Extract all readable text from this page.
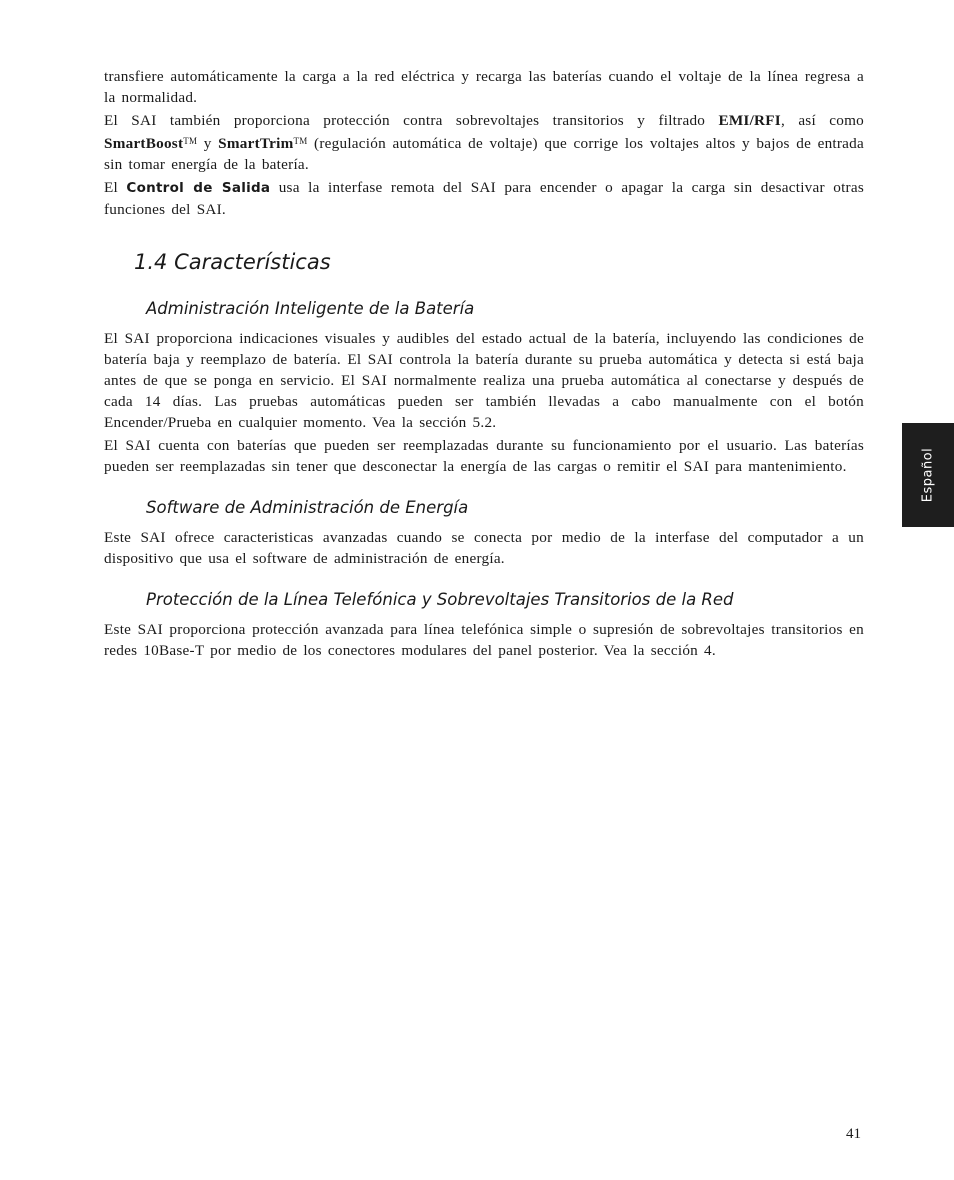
transfiere automáticamente la carga a la red eléctrica y recarga las baterías cuando el voltaje de la línea regresa a la normalidad.

El SAI también proporciona protección contra sobrevoltajes transitorios y filtrado EMI/RFI, así como SmartBoost™ y SmartTrim™ (regulación automática de voltaje) que corrige los voltajes altos y bajos de entrada sin tomar energía de la batería.

El Control de Salida usa la interfase remota del SAI para encender o apagar la carga sin desactivar otras funciones del SAI.

1.4 Características
Administración Inteligente de la Batería

El SAI proporciona indicaciones visuales y audibles del estado actual de la batería, incluyendo las condiciones de batería baja y reemplazo de batería. El SAI controla la batería durante su prueba automática y detecta si está baja antes de que se ponga en servicio. El SAI normalmente realiza una prueba automática al conectarse y después de cada 14 días. Las pruebas automáticas pueden ser también llevadas a cabo manualmente con el botón Encender/Prueba en cualquier momento. Vea la sección 5.2.

El SAI cuenta con baterías que pueden ser reemplazadas durante su funcionamiento por el usuario. Las baterías pueden ser reemplazadas sin tener que desconectar la energía de las cargas o remitir el SAI para mantenimiento.

Software de Administración de Energía

Este SAI ofrece caracteristicas avanzadas cuando se conecta por medio de la interfase del computador a un dispositivo que usa el software de administración de energía.

Protección de la Línea Telefónica y Sobrevoltajes Transitorios de la Red

Este SAI proporciona protección avanzada para línea telefónica simple o supresión de sobrevoltajes transitorios en redes 10Base-T por medio de los conectores modulares del panel posterior. Vea la sección 4.

Español
41
